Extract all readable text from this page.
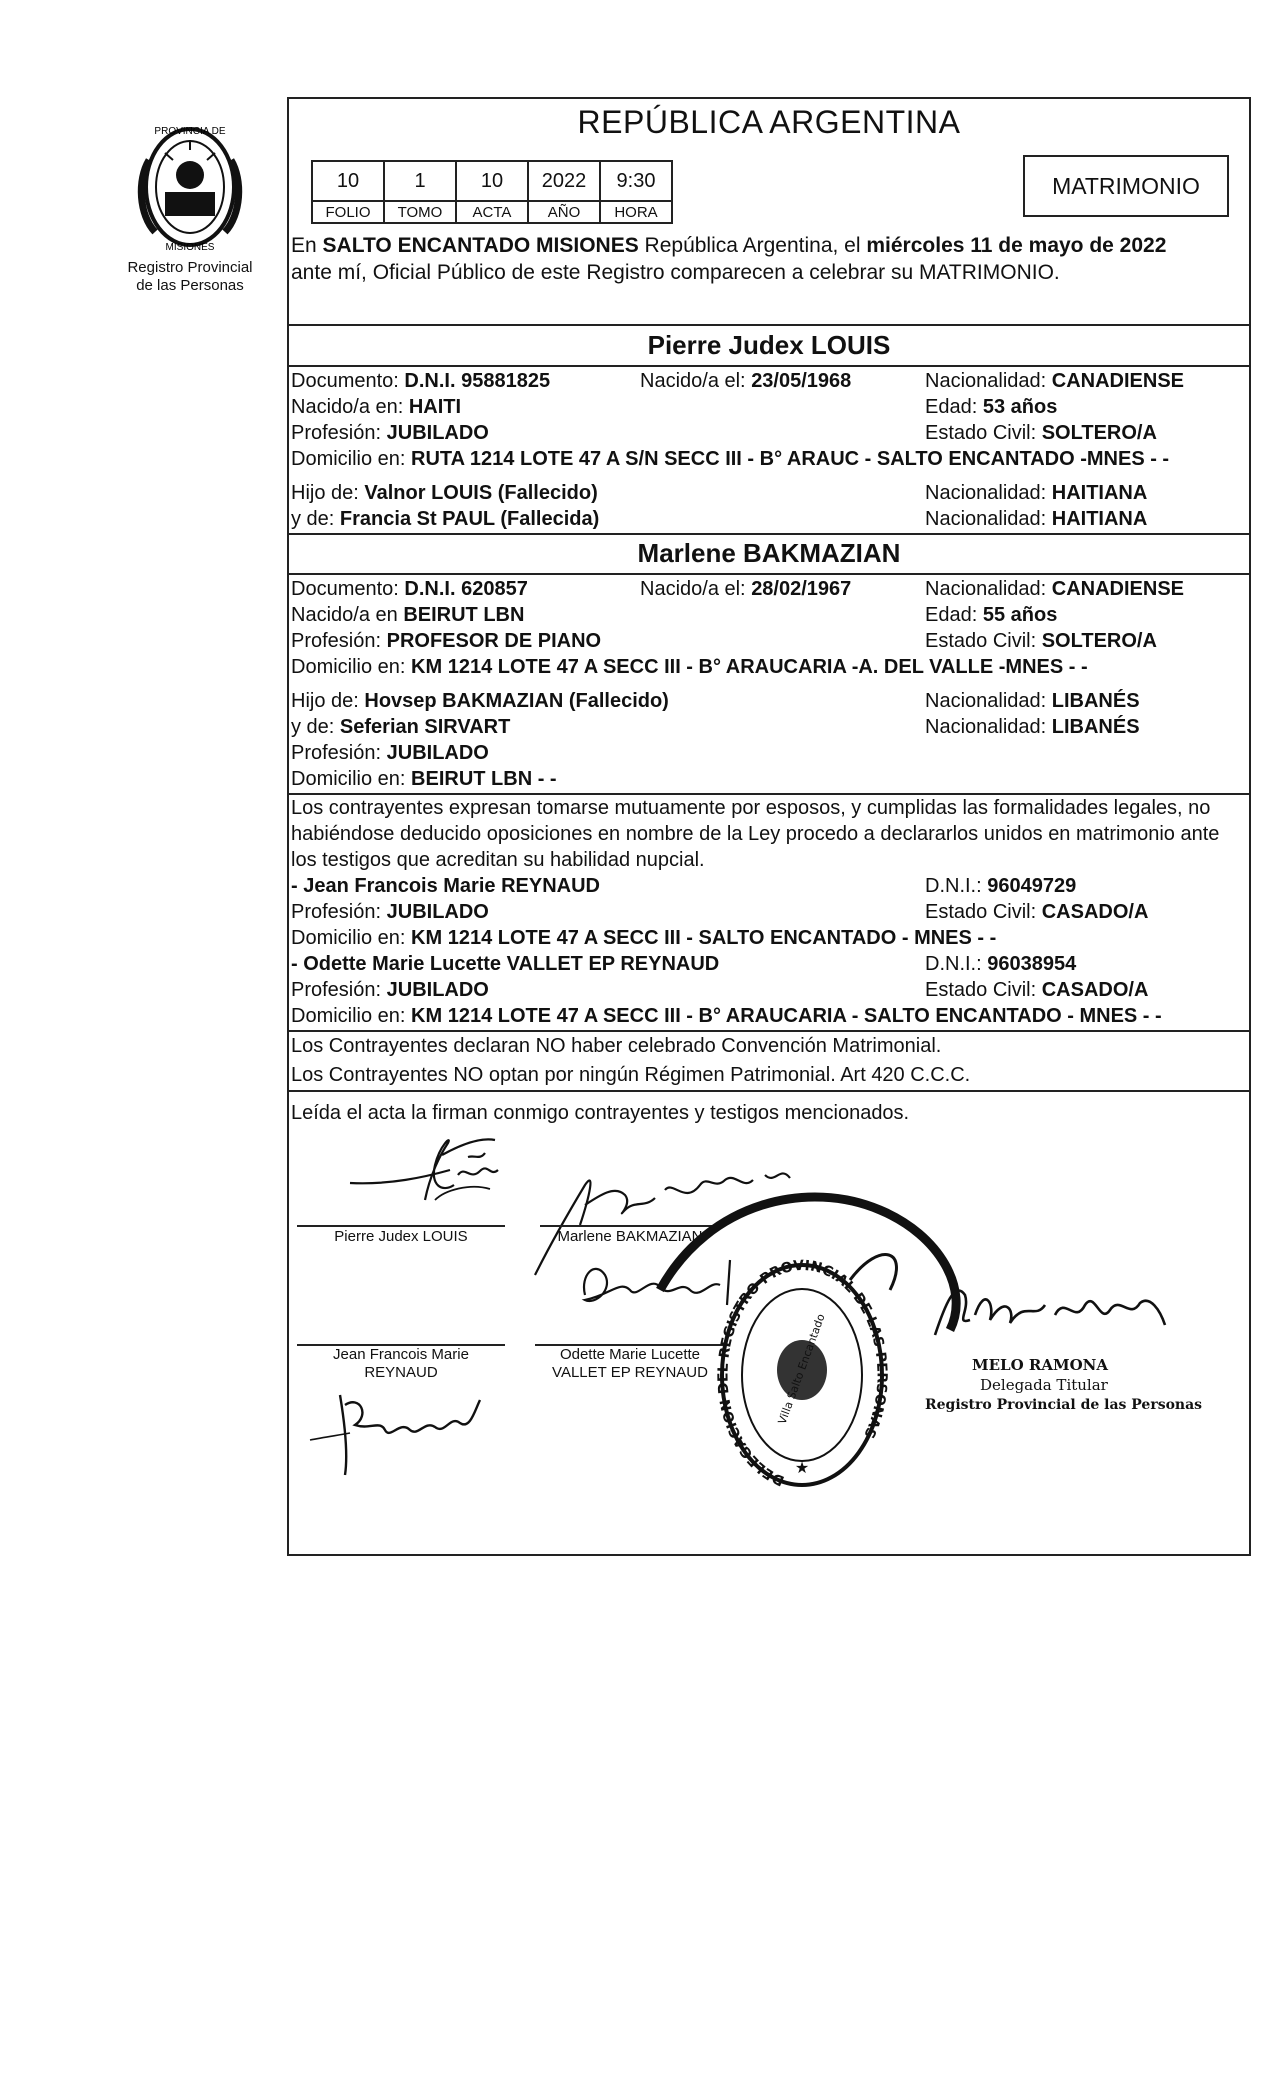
PROVINCIA DE
MISIONES
Registro Provincial
de las Personas
REPÚBLICA ARGENTINA
10	1	10	2022	9:30
FOLIO	TOMO	ACTA	AÑO	HORA
MATRIMONIO
En SALTO ENCANTADO MISIONES República Argentina, el miércoles 11 de mayo de 2022
ante mí, Oficial Público de este Registro comparecen a celebrar su MATRIMONIO.
Pierre Judex LOUIS
Documento: D.N.I. 95881825	Nacido/a el: 23/05/1968	Nacionalidad: CANADIENSE
Nacido/a en: HAITI	Edad: 53 años
Profesión: JUBILADO	Estado Civil: SOLTERO/A
Domicilio en: RUTA 1214 LOTE 47 A S/N SECC III - B° ARAUC - SALTO ENCANTADO -MNES - -
Hijo de: Valnor LOUIS (Fallecido)	Nacionalidad: HAITIANA
y de: Francia St PAUL (Fallecida)	Nacionalidad: HAITIANA
Marlene BAKMAZIAN
Documento: D.N.I. 620857	Nacido/a el: 28/02/1967	Nacionalidad: CANADIENSE
Nacido/a en BEIRUT LBN	Edad: 55 años
Profesión: PROFESOR DE PIANO	Estado Civil: SOLTERO/A
Domicilio en: KM 1214 LOTE 47 A SECC III - B° ARAUCARIA -A. DEL VALLE -MNES - -
Hijo de: Hovsep BAKMAZIAN (Fallecido)	Nacionalidad: LIBANÉS
y de: Seferian SIRVART	Nacionalidad: LIBANÉS
Profesión: JUBILADO
Domicilio en: BEIRUT LBN - -
Los contrayentes expresan tomarse mutuamente por esposos, y cumplidas las formalidades legales, no
habiéndose deducido oposiciones en nombre de la Ley procedo a declararlos unidos en matrimonio ante
los testigos que acreditan su habilidad nupcial.
- Jean Francois Marie REYNAUD	D.N.I.: 96049729
Profesión: JUBILADO	Estado Civil: CASADO/A
Domicilio en: KM 1214 LOTE 47 A SECC III - SALTO ENCANTADO - MNES - -
- Odette Marie Lucette VALLET EP REYNAUD	D.N.I.: 96038954
Profesión: JUBILADO	Estado Civil: CASADO/A
Domicilio en: KM 1214 LOTE 47 A SECC III - B° ARAUCARIA - SALTO ENCANTADO - MNES - -
Los Contrayentes declaran NO haber celebrado Convención Matrimonial.
Los Contrayentes NO optan por ningún Régimen Patrimonial. Art 420 C.C.C.
Leída el acta la firman conmigo contrayentes y testigos mencionados.
Pierre Judex LOUIS	Marlene BAKMAZIAN
Jean Francois Marie
REYNAUD
Odette Marie Lucette
VALLET EP REYNAUD
DELEGACION DEL REGISTRO PROVINCIAL DE LAS PERSONAS
Villa Salto Encantado
★
MELO RAMONA
Delegada Titular
Registro Provincial de las Personas
